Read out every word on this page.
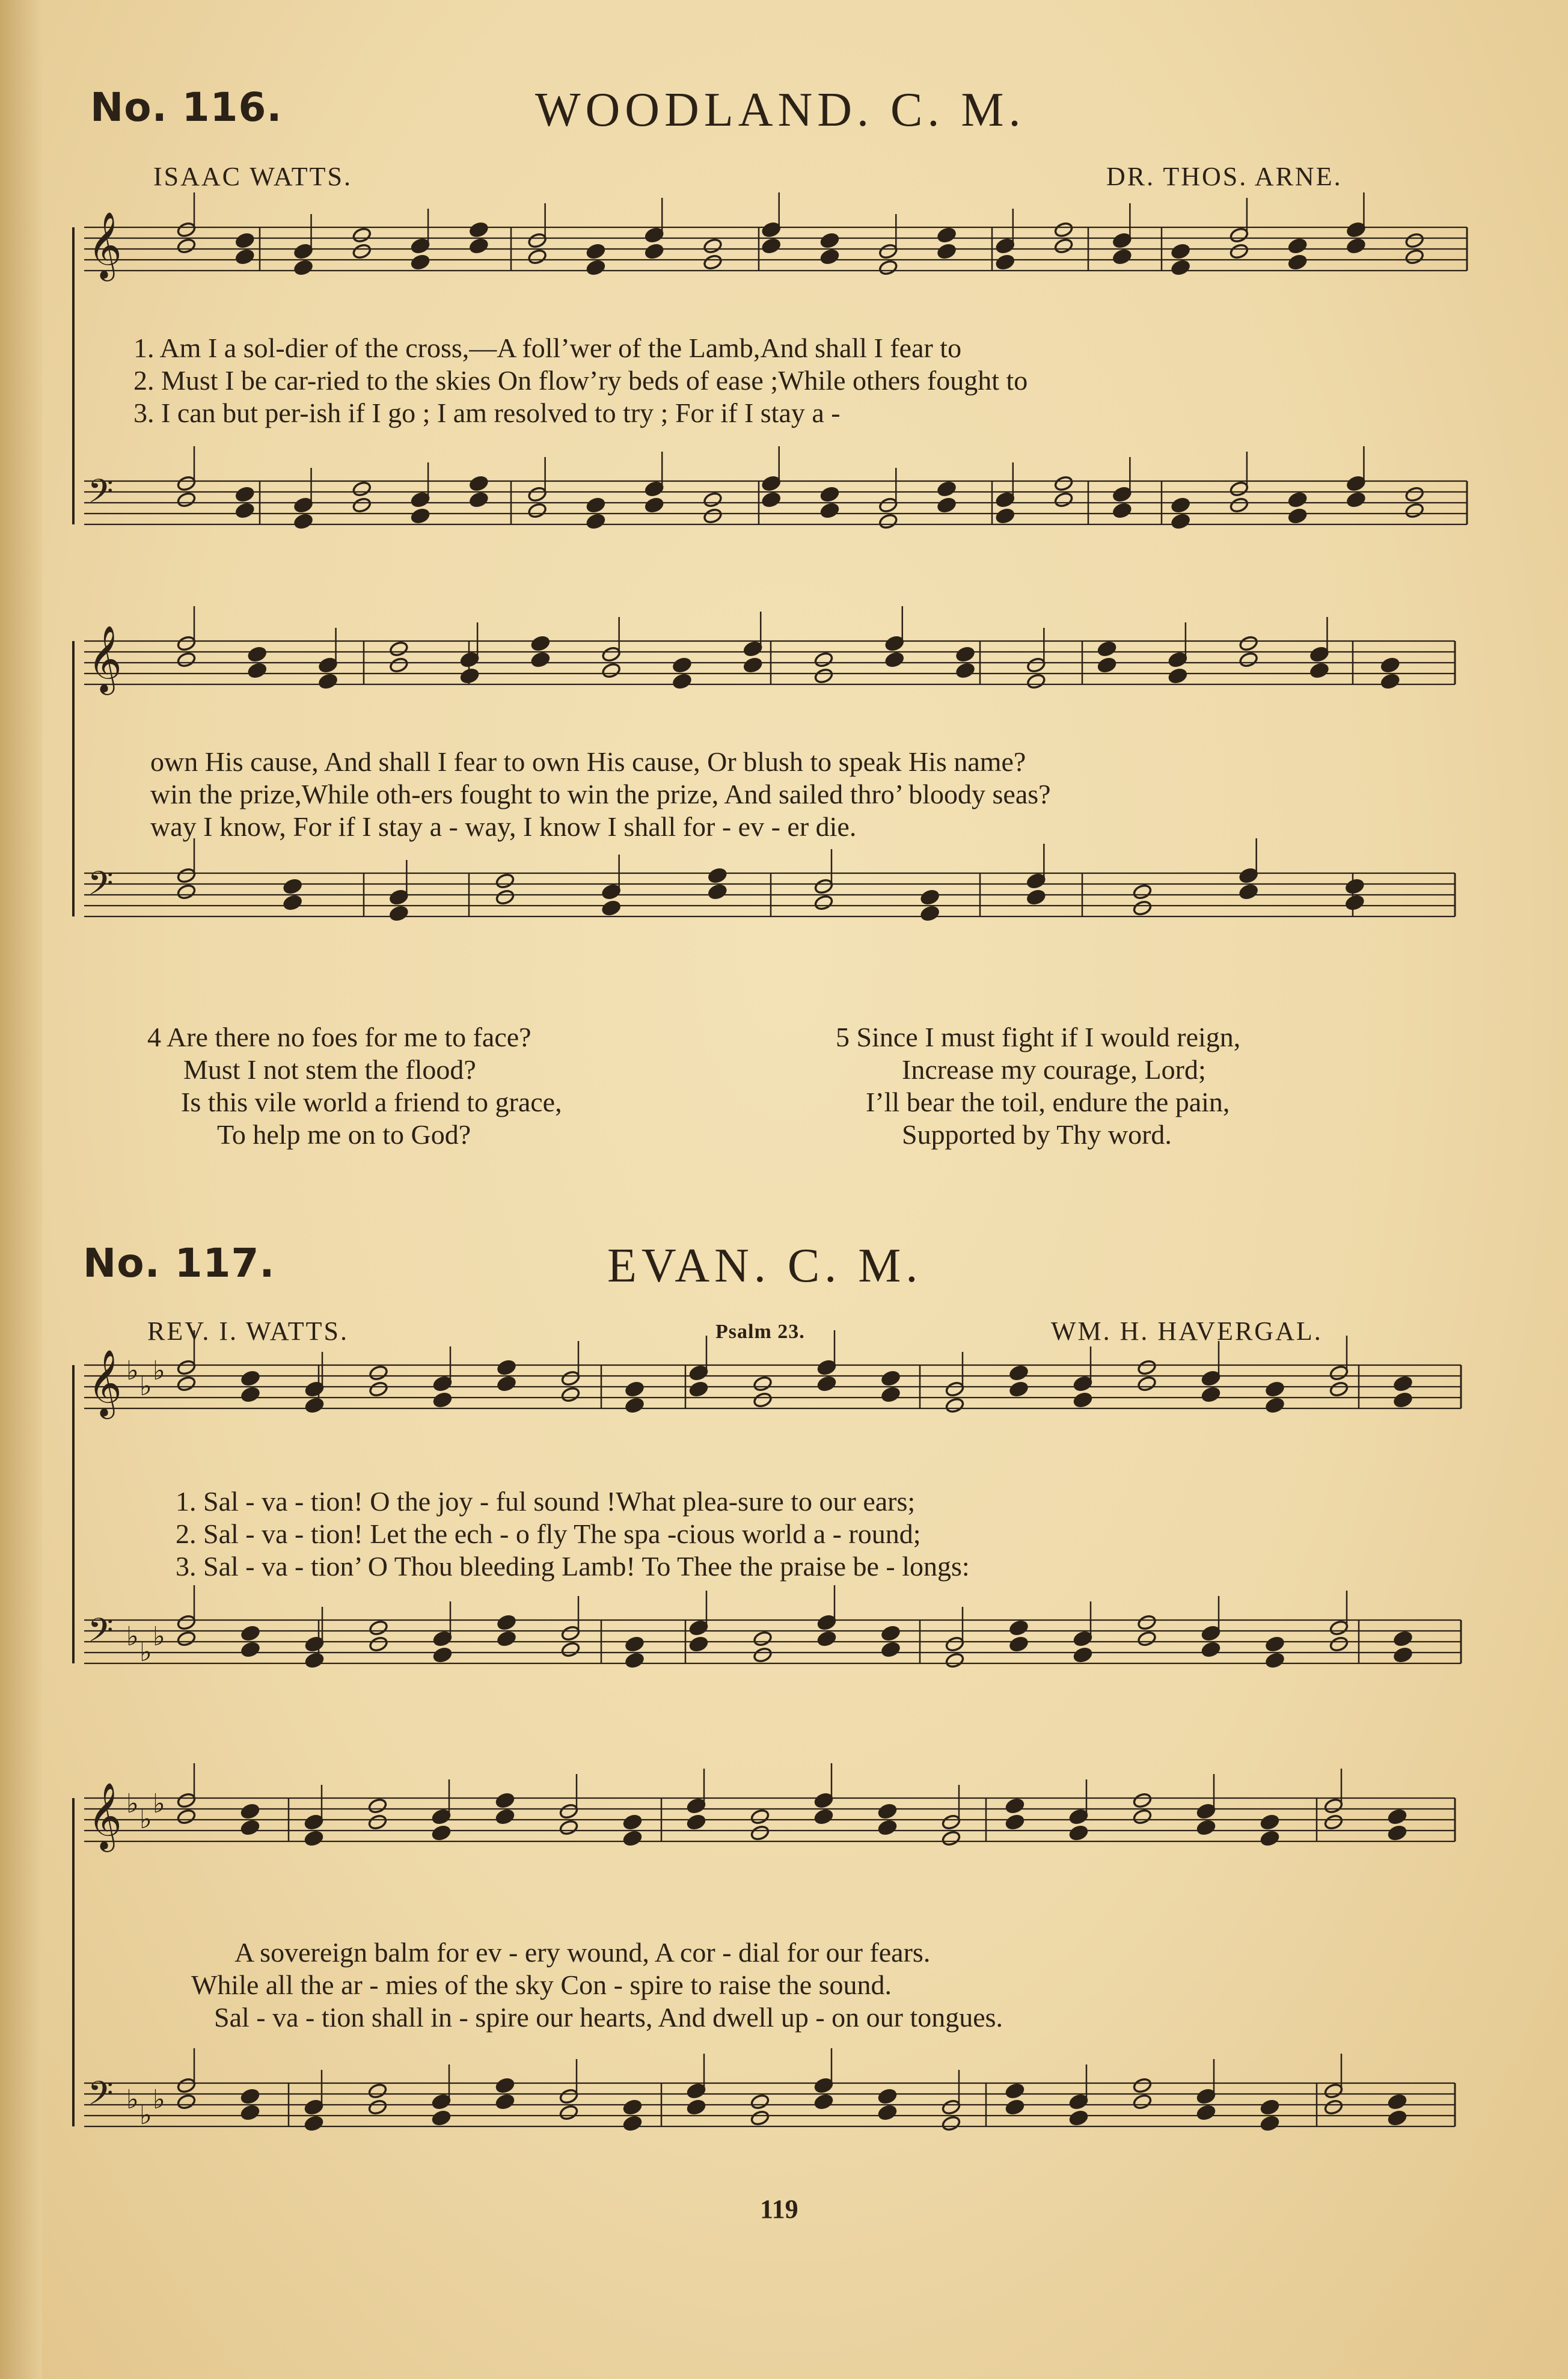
No. 116.	WOODLAND. C. M.
ISAAC WATTS.	DR. THOS. ARNE.
1. Am I a sol-dier of the cross,—A foll’wer of the Lamb,And shall I fear to
2. Must I be car-ried to the skies On flow’ry beds of ease ;While others fought to
3. I can but per-ish if I go ; I am resolved to try ; For if I stay a -
own His cause, And shall I fear to own His cause, Or blush to speak His name?
win the prize,While oth-ers fought to win the prize, And sailed thro’ bloody seas?
way I know, For if I stay a - way, I know I shall for - ev - er die.
4 Are there no foes for me to face?
Must I not stem the flood?
Is this vile world a friend to grace,
To help me on to God?
5 Since I must fight if I would reign,
Increase my courage, Lord;
I’ll bear the toil, endure the pain,
Supported by Thy word.
No. 117.	EVAN. C. M.
REV. I. WATTS.	Psalm 23.	WM. H. HAVERGAL.
1. Sal - va - tion! O the joy - ful sound !What plea-sure to our ears;
2. Sal - va - tion! Let the ech - o fly The spa -cious world a - round;
3. Sal - va - tion’ O Thou bleeding Lamb! To Thee the praise be - longs:
A sovereign balm for ev - ery wound, A cor - dial for our fears.
While all the ar - mies of the sky Con - spire to raise the sound.
Sal - va - tion shall in - spire our hearts, And dwell up - on our tongues.
119
𝄞
𝄢
𝄞
𝄢
𝄞 ♭
♭
♭
𝄢 ♭
♭
♭
𝄞 ♭
♭
♭
𝄢 ♭
♭
♭
